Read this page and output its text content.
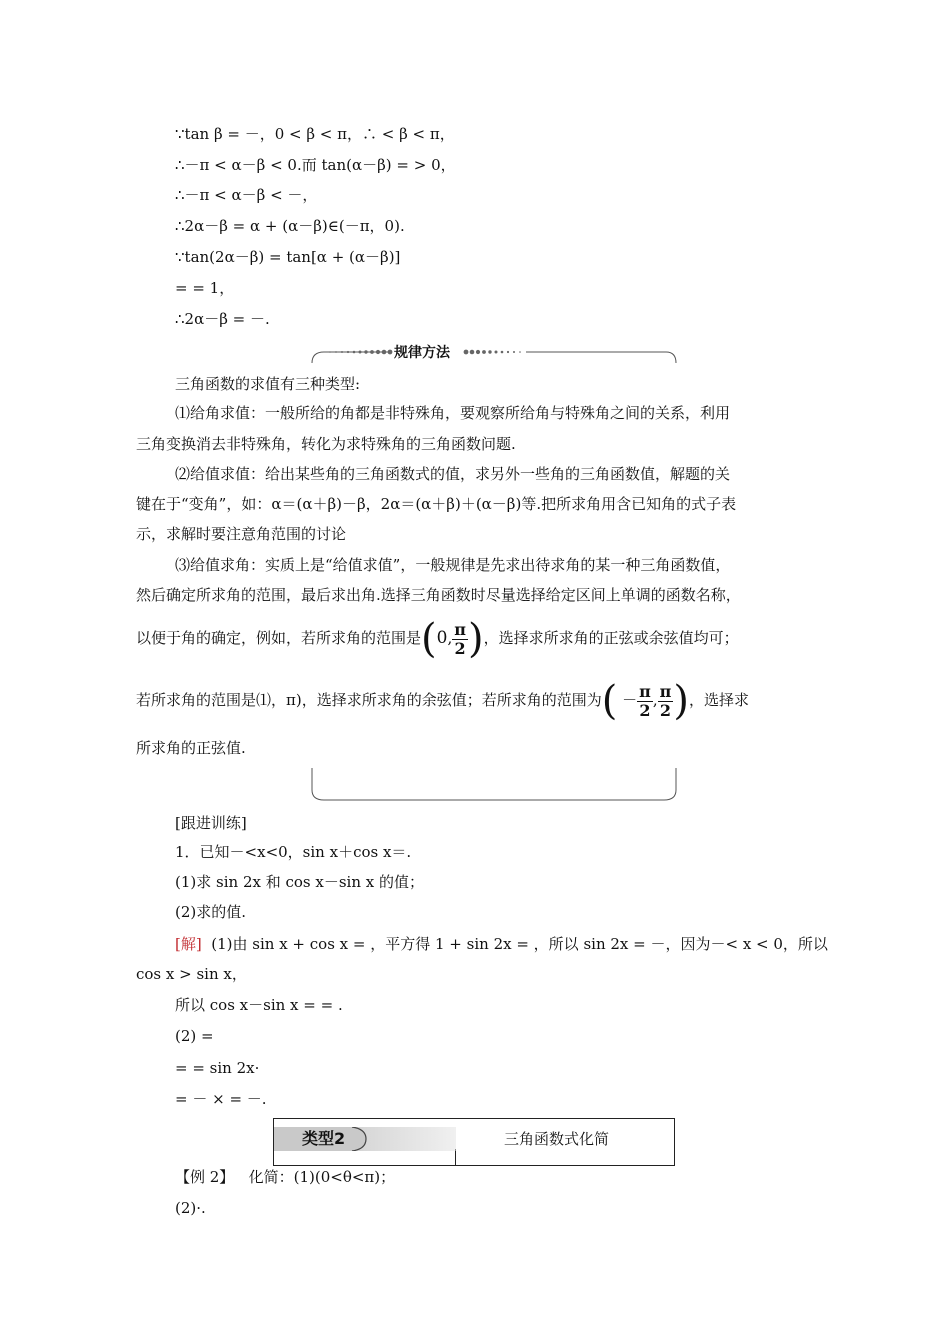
∵tan β = －，0 < β < π，∴ < β < π，
∴－π < α－β < 0.而 tan(α－β) = > 0，
∴－π < α－β < －，
∴2α－β = α + (α－β)∈(－π，0).
∵tan(2α－β) = tan[α + (α－β)]
= = 1，
∴2α－β = －.
规律方法
三角函数的求值有三种类型:
⑴给角求值：一般所给的角都是非特殊角，要观察所给角与特殊角之间的关系，利用
三角变换消去非特殊角，转化为求特殊角的三角函数问题.
⑵给值求值：给出某些角的三角函数式的值，求另外一些角的三角函数值，解题的关
键在于“变角”，如：α＝(α＋β)－β，2α＝(α＋β)＋(α－β)等.把所求角用含已知角的式子表
示，求解时要注意角范围的讨论
⑶给值求角：实质上是“给值求值”，一般规律是先求出待求角的某一种三角函数值，
然后确定所求角的范围，最后求出角.选择三角函数时尽量选择给定区间上单调的函数名称，
以便于角的确定，例如，若所求角的范围是(0, $\frac{\pi}{2}$ )，选择求所求角的正弦或余弦值均可；
若所求角的范围是⑴，π)，选择求所求角的余弦值；若所求角的范围为( － $\frac{\pi}{2}$ , $\frac{\pi}{2}$ )，选择求
所求角的正弦值.
[跟进训练]
1．已知－<x<0，sin x＋cos x＝.
(1)求 sin 2x 和 cos x－sin x 的值；
(2)求的值.
[解] (1)由 sin x + cos x = ，平方得 1 + sin 2x = ，所以 sin 2x = －，因为－< x < 0，所以
cos x > sin x，
所以 cos x－sin x = = .
(2) =
= = sin 2x·
= － × = －.
类型2	三角函数式化简
【例 2】 化简：(1)(0<θ<π)；
(2)·.
